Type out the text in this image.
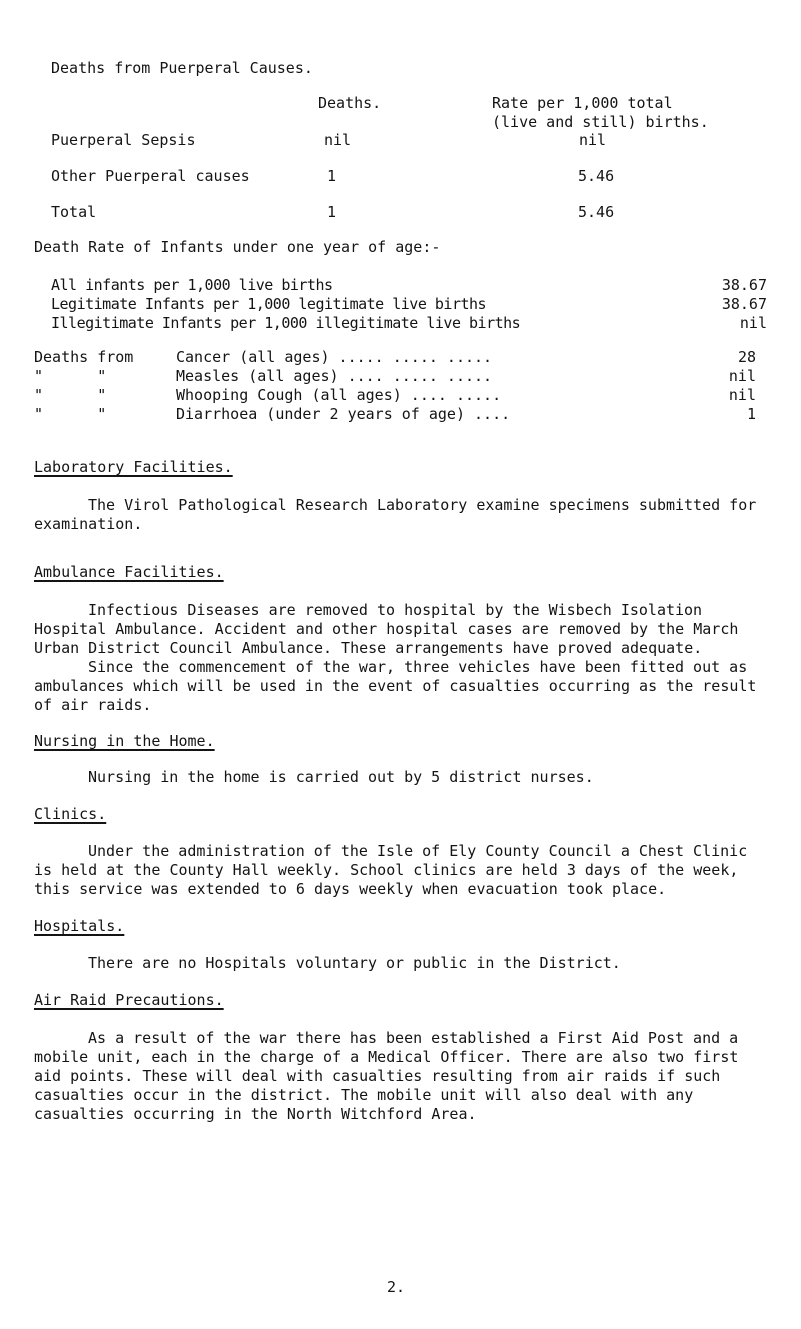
Deaths from Puerperal Causes.
Deaths.	Rate per 1,000 total
(live and still) births.
Puerperal Sepsis	nil	nil
Other Puerperal causes	1	5.46
Total	1	5.46
Death Rate of Infants under one year of age:-
All infants per 1,000 live births	38.67
Legitimate Infants per 1,000 legitimate live births	38.67
Illegitimate Infants per 1,000 illegitimate live births	nil
Deaths from	Cancer (all ages) ..... ..... .....	28
"      "	Measles (all ages) .... ..... .....	nil
"      "	Whooping Cough (all ages) .... .....	nil
"      "	Diarrhoea (under 2 years of age) ....	1
Laboratory Facilities.
The Virol Pathological Research Laboratory examine specimens submitted for examination.
Ambulance Facilities.
Infectious Diseases are removed to hospital by the Wisbech Isolation Hospital Ambulance. Accident and other hospital cases are removed by the March Urban District Council Ambulance. These arrangements have proved adequate.
Since the commencement of the war, three vehicles have been fitted out as ambulances which will be used in the event of casualties occurring as the result of air raids.
Nursing in the Home.
Nursing in the home is carried out by 5 district nurses.
Clinics.
Under the administration of the Isle of Ely County Council a Chest Clinic is held at the County Hall weekly. School clinics are held 3 days of the week, this service was extended to 6 days weekly when evacuation took place.
Hospitals.
There are no Hospitals voluntary or public in the District.
Air Raid Precautions.
As a result of the war there has been established a First Aid Post and a mobile unit, each in the charge of a Medical Officer. There are also two first aid points. These will deal with casualties resulting from air raids if such casualties occur in the district. The mobile unit will also deal with any casualties occurring in the North Witchford Area.
2.
